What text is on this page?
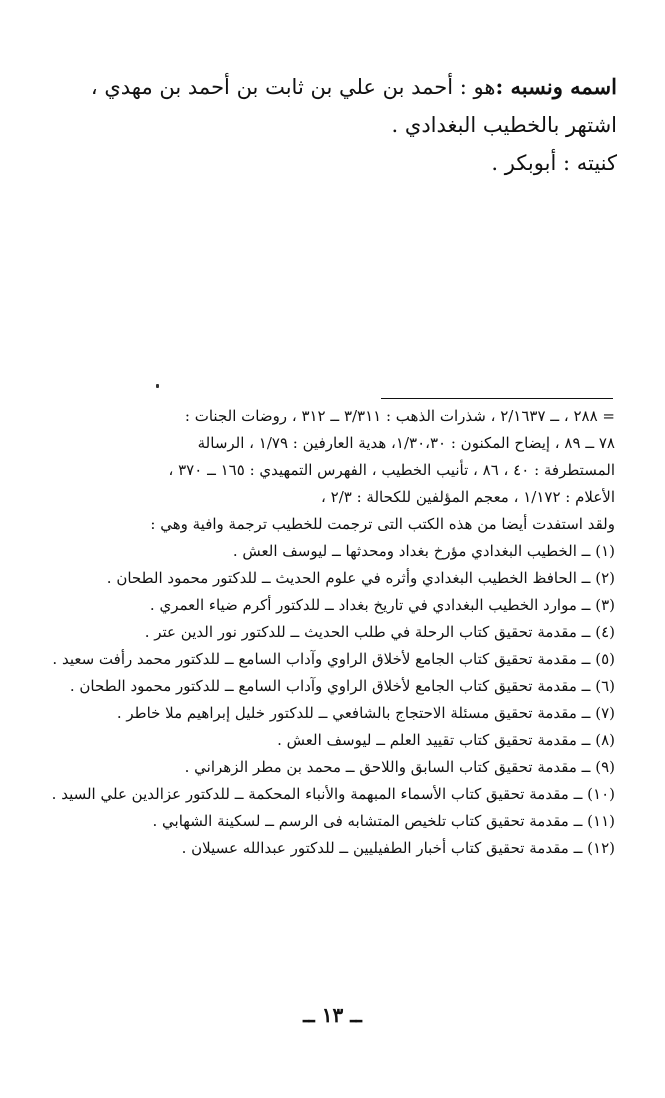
اسمه ونسبه :هو : أحمد بن علي بن ثابت بن أحمد بن مهدي ، اشتهر بالخطيب البغدادي .

كنيته : أبوبكر .

= ٢٨٨ ، ــ ٢/١٦٣٧ ، شذرات الذهب : ٣/٣١١ ــ ٣١٢ ، روضات الجنات :

٧٨ ــ ٨٩ ، إيضاح المكنون : ١/٣٠،٣٠، هدية العارفين : ١/٧٩ ، الرسالة

المستطرفة : ٤٠ ، ٨٦ ، تأنيب الخطيب ، الفهرس التمهيدي : ١٦٥ ــ ٣٧٠ ،

الأعلام : ١/١٧٢ ، معجم المؤلفين للكحالة : ٢/٣ ،

ولقد استفدت أيضا من هذه الكتب التى ترجمت للخطيب ترجمة وافية وهي :

(١) ــ الخطيب البغدادي مؤرخ بغداد ومحدثها ــ ليوسف العش .
(٢) ــ الحافظ الخطيب البغدادي وأثره في علوم الحديث ــ للدكتور محمود الطحان .
(٣) ــ موارد الخطيب البغدادي في تاريخ بغداد ــ للدكتور أكرم ضياء العمري .
(٤) ــ مقدمة تحقيق كتاب الرحلة في طلب الحديث ــ للدكتور نور الدين عتر .
(٥) ــ مقدمة تحقيق كتاب الجامع لأخلاق الراوي وآداب السامع ــ للدكتور محمد رأفت سعيد .
(٦) ــ مقدمة تحقيق كتاب الجامع لأخلاق الراوي وآداب السامع ــ للدكتور محمود الطحان .
(٧) ــ مقدمة تحقيق مسئلة الاحتجاج بالشافعي ــ للدكتور خليل إبراهيم ملا خاطر .
(٨) ــ مقدمة تحقيق كتاب تقييد العلم ــ ليوسف العش .
(٩) ــ مقدمة تحقيق كتاب السابق واللاحق ــ محمد بن مطر الزهراني .
(١٠) ــ مقدمة تحقيق كتاب الأسماء المبهمة والأنباء المحكمة ــ للدكتور عزالدين علي السيد .
(١١) ــ مقدمة تحقيق كتاب تلخيص المتشابه فى الرسم ــ لسكينة الشهابي .
(١٢) ــ مقدمة تحقيق كتاب أخبار الطفيليين ــ للدكتور عبدالله عسيلان .
ــ ١٣ ــ
